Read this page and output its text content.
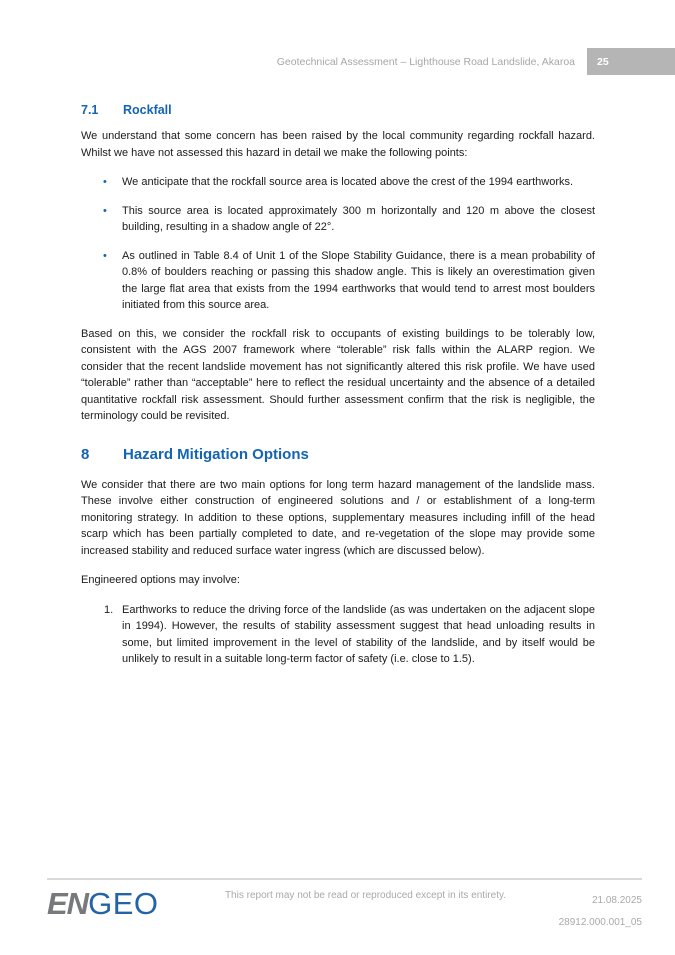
Geotechnical Assessment – Lighthouse Road Landslide, Akaroa	25
7.1	Rockfall

We understand that some concern has been raised by the local community regarding rockfall hazard. Whilst we have not assessed this hazard in detail we make the following points:

•	We anticipate that the rockfall source area is located above the crest of the 1994 earthworks.
•	This source area is located approximately 300 m horizontally and 120 m above the closest building, resulting in a shadow angle of 22°.
•	As outlined in Table 8.4 of Unit 1 of the Slope Stability Guidance, there is a mean probability of 0.8% of boulders reaching or passing this shadow angle. This is likely an overestimation given the large flat area that exists from the 1994 earthworks that would tend to arrest most boulders initiated from this source area.

Based on this, we consider the rockfall risk to occupants of existing buildings to be tolerably low, consistent with the AGS 2007 framework where “tolerable” risk falls within the ALARP region. We consider that the recent landslide movement has not significantly altered this risk profile. We have used “tolerable” rather than “acceptable” here to reflect the residual uncertainty and the absence of a detailed quantitative rockfall risk assessment. Should further assessment confirm that the risk is negligible, the terminology could be revisited.

8	Hazard Mitigation Options

We consider that there are two main options for long term hazard management of the landslide mass. These involve either construction of engineered solutions and / or establishment of a long-term monitoring strategy. In addition to these options, supplementary measures including infill of the head scarp which has been partially completed to date, and re-vegetation of the slope may provide some increased stability and reduced surface water ingress (which are discussed below).

Engineered options may involve:

1. Earthworks to reduce the driving force of the landslide (as was undertaken on the adjacent slope in 1994). However, the results of stability assessment suggest that head unloading results in some, but limited improvement in the level of stability of the landslide, and by itself would be unlikely to result in a suitable long-term factor of safety (i.e. close to 1.5).
ENGEO	This report may not be read or reproduced except in its entirety.	21.08.2025
28912.000.001_05
